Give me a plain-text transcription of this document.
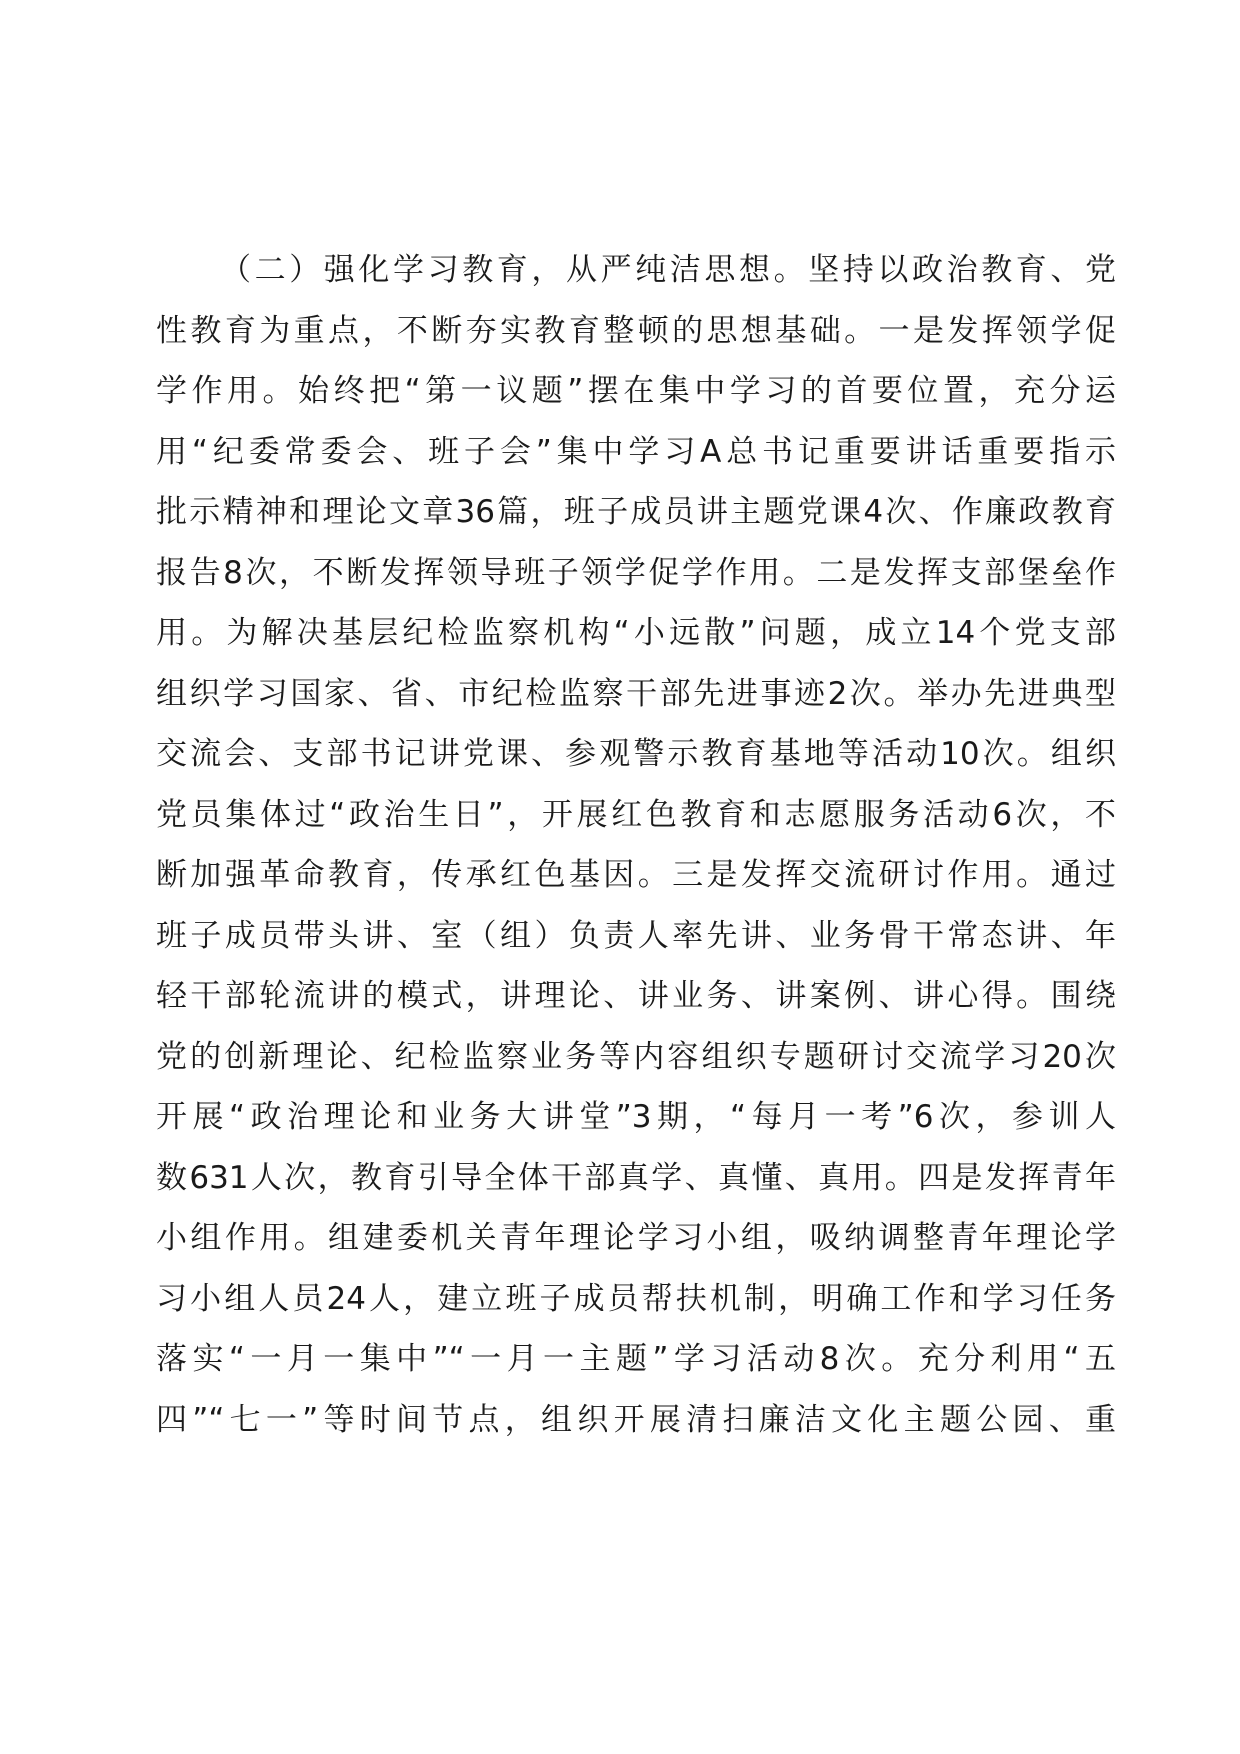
（二）强化学习教育，从严纯洁思想。坚持以政治教育、党
性教育为重点，不断夯实教育整顿的思想基础。一是发挥领学促
学作用。始终把“第一议题”摆在集中学习的首要位置，充分运
用“纪委常委会、班子会”集中学习A总书记重要讲话重要指示
批示精神和理论文章36篇，班子成员讲主题党课4次、作廉政教育
报告8次，不断发挥领导班子领学促学作用。二是发挥支部堡垒作
用。为解决基层纪检监察机构“小远散”问题，成立14个党支部
组织学习国家、省、市纪检监察干部先进事迹2次。举办先进典型
交流会、支部书记讲党课、参观警示教育基地等活动10次。组织
党员集体过“政治生日”，开展红色教育和志愿服务活动6次，不
断加强革命教育，传承红色基因。三是发挥交流研讨作用。通过
班子成员带头讲、室（组）负责人率先讲、业务骨干常态讲、年
轻干部轮流讲的模式，讲理论、讲业务、讲案例、讲心得。围绕
党的创新理论、纪检监察业务等内容组织专题研讨交流学习20次
开展“政治理论和业务大讲堂”3期，“每月一考”6次，参训人
数631人次，教育引导全体干部真学、真懂、真用。四是发挥青年
小组作用。组建委机关青年理论学习小组，吸纳调整青年理论学
习小组人员24人，建立班子成员帮扶机制，明确工作和学习任务
落实“一月一集中”“一月一主题”学习活动8次。充分利用“五
四”“七一”等时间节点，组织开展清扫廉洁文化主题公园、重
